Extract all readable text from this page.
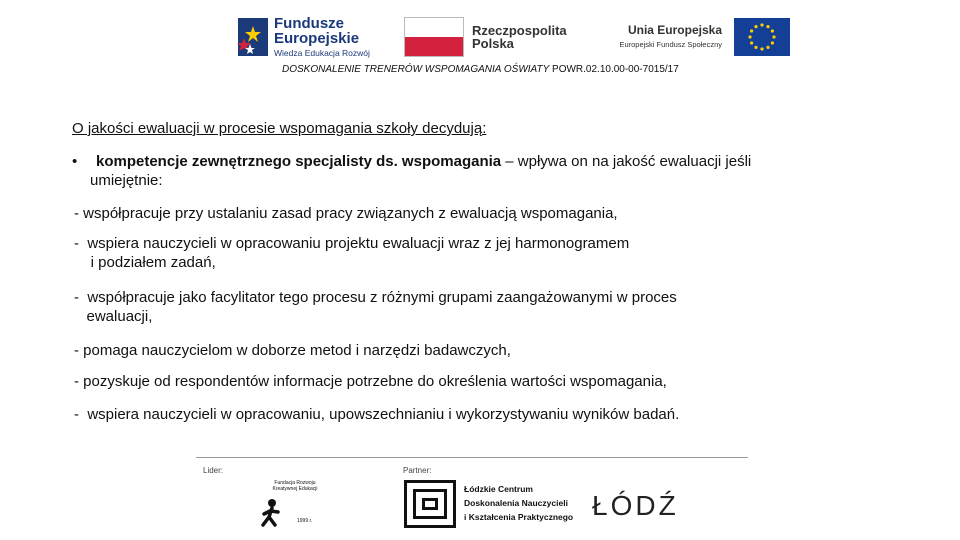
Fundusze
Europejskie
Wiedza Edukacja Rozwój
Rzeczpospolita
Polska
Unia Europejska
Europejski Fundusz Społeczny
DOSKONALENIE TRENERÓW WSPOMAGANIA OŚWIATY POWR.02.10.00-00-7015/17
O jakości ewaluacji w procesie wspomagania szkoły decydują:
• kompetencje zewnętrznego specjalisty ds. wspomagania – wpływa on na jakość ewaluacji jeśli
umiejętnie:
- współpracuje przy ustalaniu zasad pracy związanych z ewaluacją wspomagania,
-  wspiera nauczycieli w opracowaniu projektu ewaluacji wraz z jej harmonogramem
i podziałem zadań,
-  współpracuje jako facylitator tego procesu z różnymi grupami zaangażowanymi w proces
ewaluacji,
- pomaga nauczycielom w doborze metod i narzędzi badawczych,
- pozyskuje od respondentów informacje potrzebne do określenia wartości wspomagania,
-  wspiera nauczycieli w opracowaniu, upowszechnianiu i wykorzystywaniu wyników badań.
Lider:	Partner:
Fundacja Rozwoju
Kreatywnej Edukacji
1999 r.
Łódzkie Centrum
Doskonalenia Nauczycieli
i Kształcenia Praktycznego ŁÓDŹ
